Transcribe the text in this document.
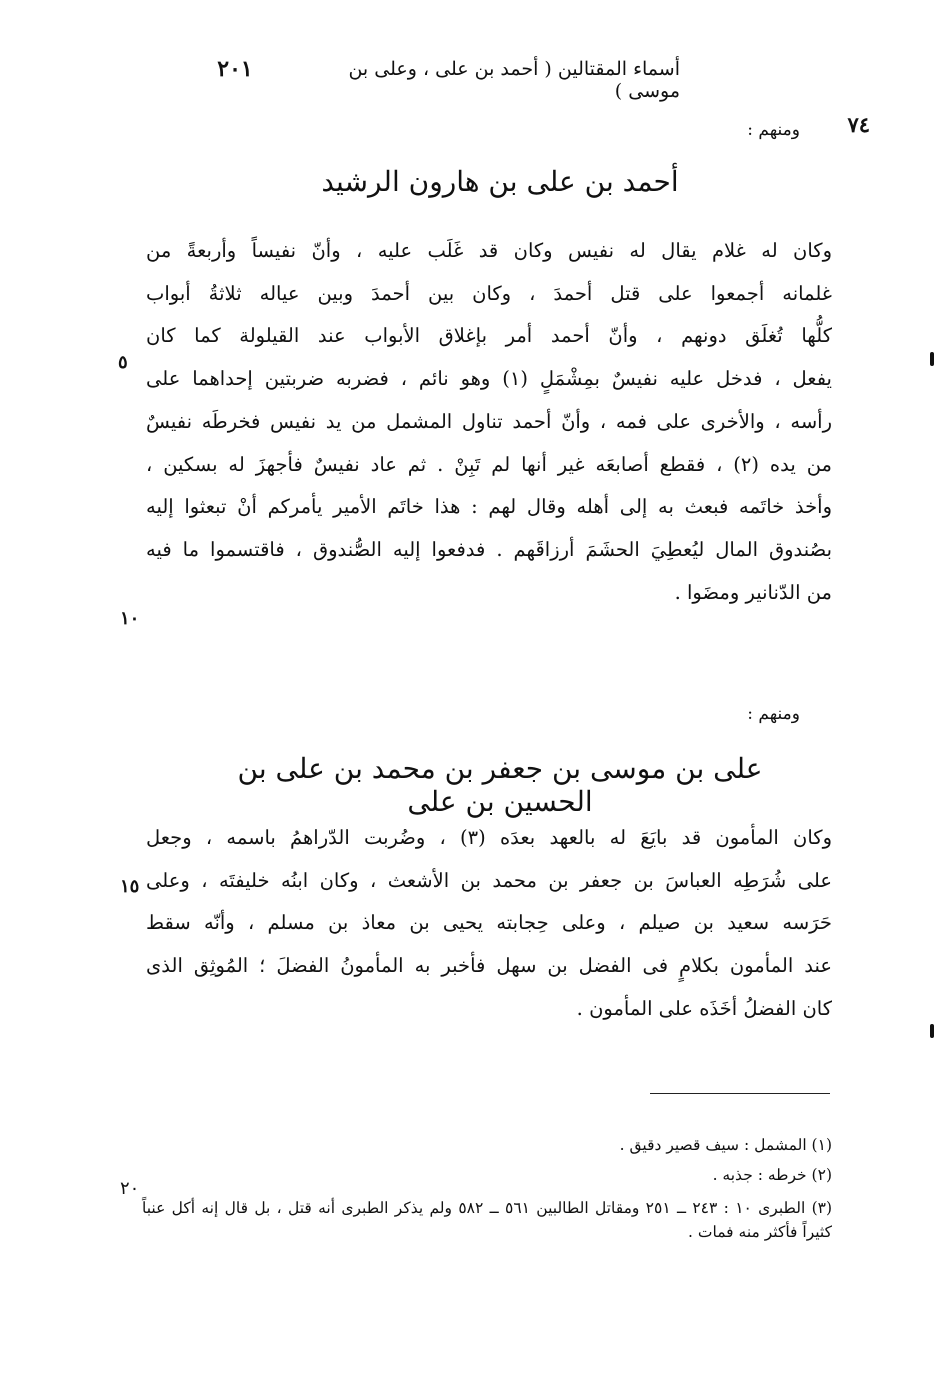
أسماء المقتالين ( أحمد بن على ، وعلى بن موسى )
٢٠١
٧٤
ومنهم :
أحمد بن على بن هارون الرشيد
وكان له غلام يقال له نفيس وكان قد غَلَب عليه ، وأنّ نفيساً وأربعةً من
غلمانه أجمعوا على قتل أحمدَ ، وكان بين أحمدَ وبين عياله ثلاثةُ أبواب
كلُّها تُغلَق دونهم ، وأنّ أحمد أمر بإغلاق الأبواب عند القيلولة كما كان
يفعل ، فدخل عليه نفيسٌ بمِشْمَلٍ (١) وهو نائم ، فضربه ضربتين إحداهما على
رأسه ، والأخرى على فمه ، وأنّ أحمد تناول المشمل من يد نفيس فخرطَه نفيسٌ
من يده (٢) ، فقطع أصابعَه غير أنها لم تَبِنْ . ثم عاد نفيسٌ فأجهزَ له بسكين ،
وأخذ خاتَمه فبعث به إلى أهله وقال لهم : هذا خاتَم الأمير يأمركم أنْ تبعثوا إليه
بصُندوق المال ليُعطِيَ الحشَمَ أرزاقَهم . فدفعوا إليه الصُّندوق ، فاقتسموا ما فيه
من الدّنانير ومضَوا .
٥
١٠
ومنهم :
على بن موسى بن جعفر بن محمد بن على بن الحسين بن على
وكان المأمون قد بايَعَ له بالعهد بعدَه (٣) ، وضُربت الدّراهمُ باسمه ، وجعل
على شُرَطِه العباسَ بن جعفر بن محمد بن الأشعث ، وكان ابنُه خليفتَه ، وعلى
حَرَسه سعيد بن صيلم ، وعلى حِجابته يحيى بن معاذ بن مسلم ، وأنّه سقط
عند المأمون بكلامٍ فى الفضل بن سهل فأخبر به المأمونُ الفضلَ ؛ المُوثِق الذى
كان الفضلُ أخَذَه على المأمون .
١٥
(١) المشمل : سيف قصير دقيق .
(٢) خرطه : جذبه .
(٣) الطبرى ١٠ : ٢٤٣ ــ ٢٥١ ومقاتل الطالبين ٥٦١ ــ ٥٨٢ ولم يذكر الطبرى أنه قتل ، بل قال إنه أكل عنباً كثيراً فأكثر منه فمات .
٢٠
